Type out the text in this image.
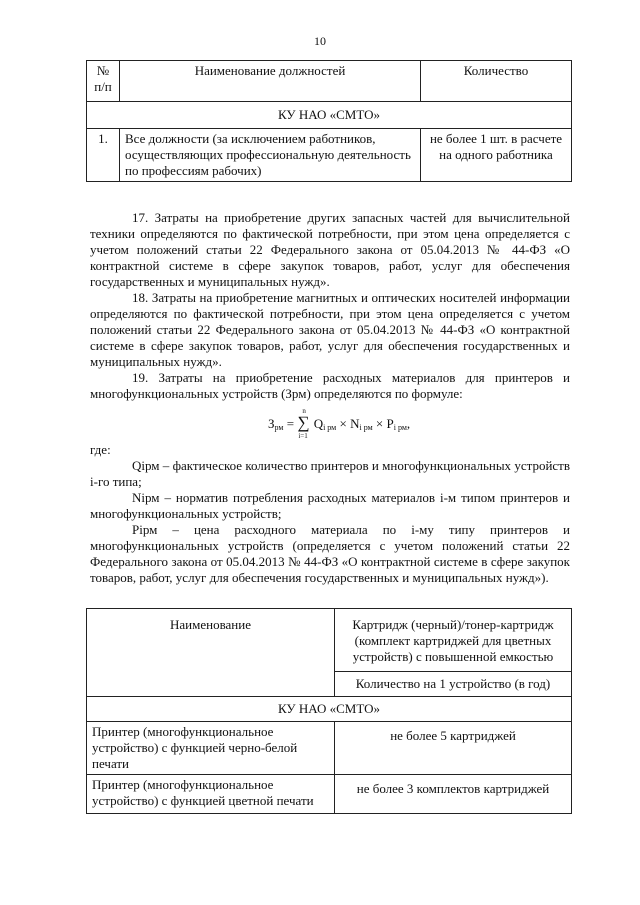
10
№ п/п	Наименование должностей	Количество
КУ НАО «СМТО»		
1.	Все должности (за исключением работников, осуществляющих профессиональную деятельность по профессиям рабочих)	не более 1 шт. в расчете на одного работника
17. Затраты на приобретение других запасных частей для вычислительной техники определяются по фактической потребности, при этом цена определяется с учетом положений статьи 22 Федерального закона от 05.04.2013 № 44-ФЗ «О контрактной системе в сфере закупок товаров, работ, услуг для обеспечения государственных и муниципальных нужд».
18. Затраты на приобретение магнитных и оптических носителей информации определяются по фактической потребности, при этом цена определяется с учетом положений статьи 22 Федерального закона от 05.04.2013 № 44-ФЗ «О контрактной системе в сфере закупок товаров, работ, услуг для обеспечения государственных и муниципальных нужд».
19. Затраты на приобретение расходных материалов для принтеров и многофункциональных устройств (Зрм) определяются по формуле:
$З_{рм}$ = ∑
n
i=1
$Q_{i рм} \times N_{i рм} \times P_{i рм}$,
где:
Qiрм – фактическое количество принтеров и многофункциональных устройств i-го типа;
Niрм – норматив потребления расходных материалов i-м типом принтеров и многофункциональных устройств;
Piрм – цена расходного материала по i-му типу принтеров и многофункциональных устройств (определяется с учетом положений статьи 22 Федерального закона от 05.04.2013 № 44-ФЗ «О контрактной системе в сфере закупок товаров, работ, услуг для обеспечения государственных и муниципальных нужд»).
Наименование	Картридж (черный)/тонер-картридж (комплект картриджей для цветных устройств) с повышенной емкостью
	Количество на 1 устройство (в год)
КУ НАО «СМТО»	
Принтер (многофункциональное устройство) с функцией черно-белой печати	не более 5 картриджей
Принтер (многофункциональное устройство) с функцией цветной печати	не более 3 комплектов картриджей
